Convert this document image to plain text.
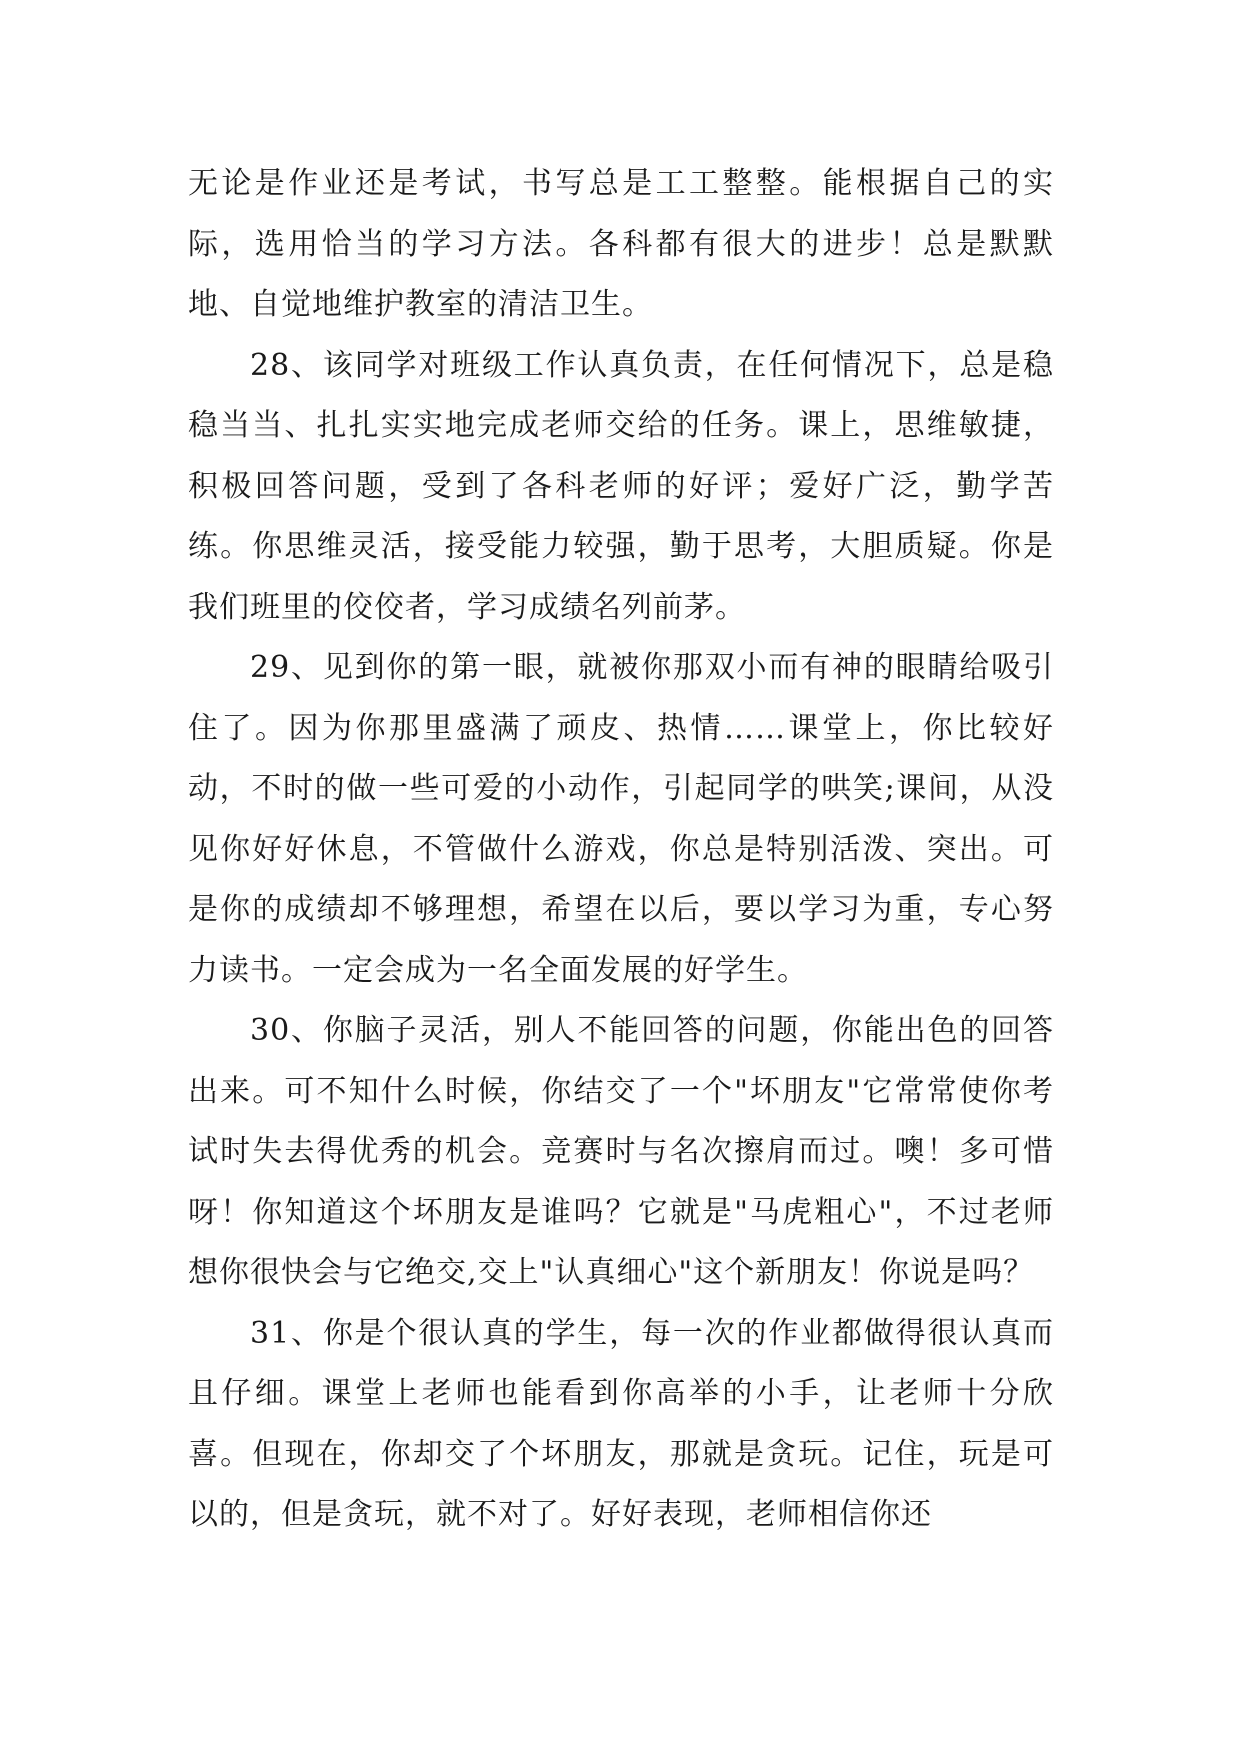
无论是作业还是考试，书写总是工工整整。能根据自己的实际，选用恰当的学习方法。各科都有很大的进步！总是默默地、自觉地维护教室的清洁卫生。

28、该同学对班级工作认真负责，在任何情况下，总是稳稳当当、扎扎实实地完成老师交给的任务。课上，思维敏捷，积极回答问题，受到了各科老师的好评；爱好广泛，勤学苦练。你思维灵活，接受能力较强，勤于思考，大胆质疑。你是我们班里的佼佼者，学习成绩名列前茅。

29、见到你的第一眼，就被你那双小而有神的眼睛给吸引住了。因为你那里盛满了顽皮、热情……课堂上，你比较好动，不时的做一些可爱的小动作，引起同学的哄笑;课间，从没见你好好休息，不管做什么游戏，你总是特别活泼、突出。可是你的成绩却不够理想，希望在以后，要以学习为重，专心努力读书。一定会成为一名全面发展的好学生。

30、你脑子灵活，别人不能回答的问题，你能出色的回答出来。可不知什么时候，你结交了一个"坏朋友"它常常使你考试时失去得优秀的机会。竞赛时与名次擦肩而过。噢！多可惜呀！你知道这个坏朋友是谁吗？它就是"马虎粗心"，不过老师想你很快会与它绝交,交上"认真细心"这个新朋友！你说是吗？

31、你是个很认真的学生，每一次的作业都做得很认真而且仔细。课堂上老师也能看到你高举的小手，让老师十分欣喜。但现在，你却交了个坏朋友，那就是贪玩。记住，玩是可以的，但是贪玩，就不对了。好好表现，老师相信你还
